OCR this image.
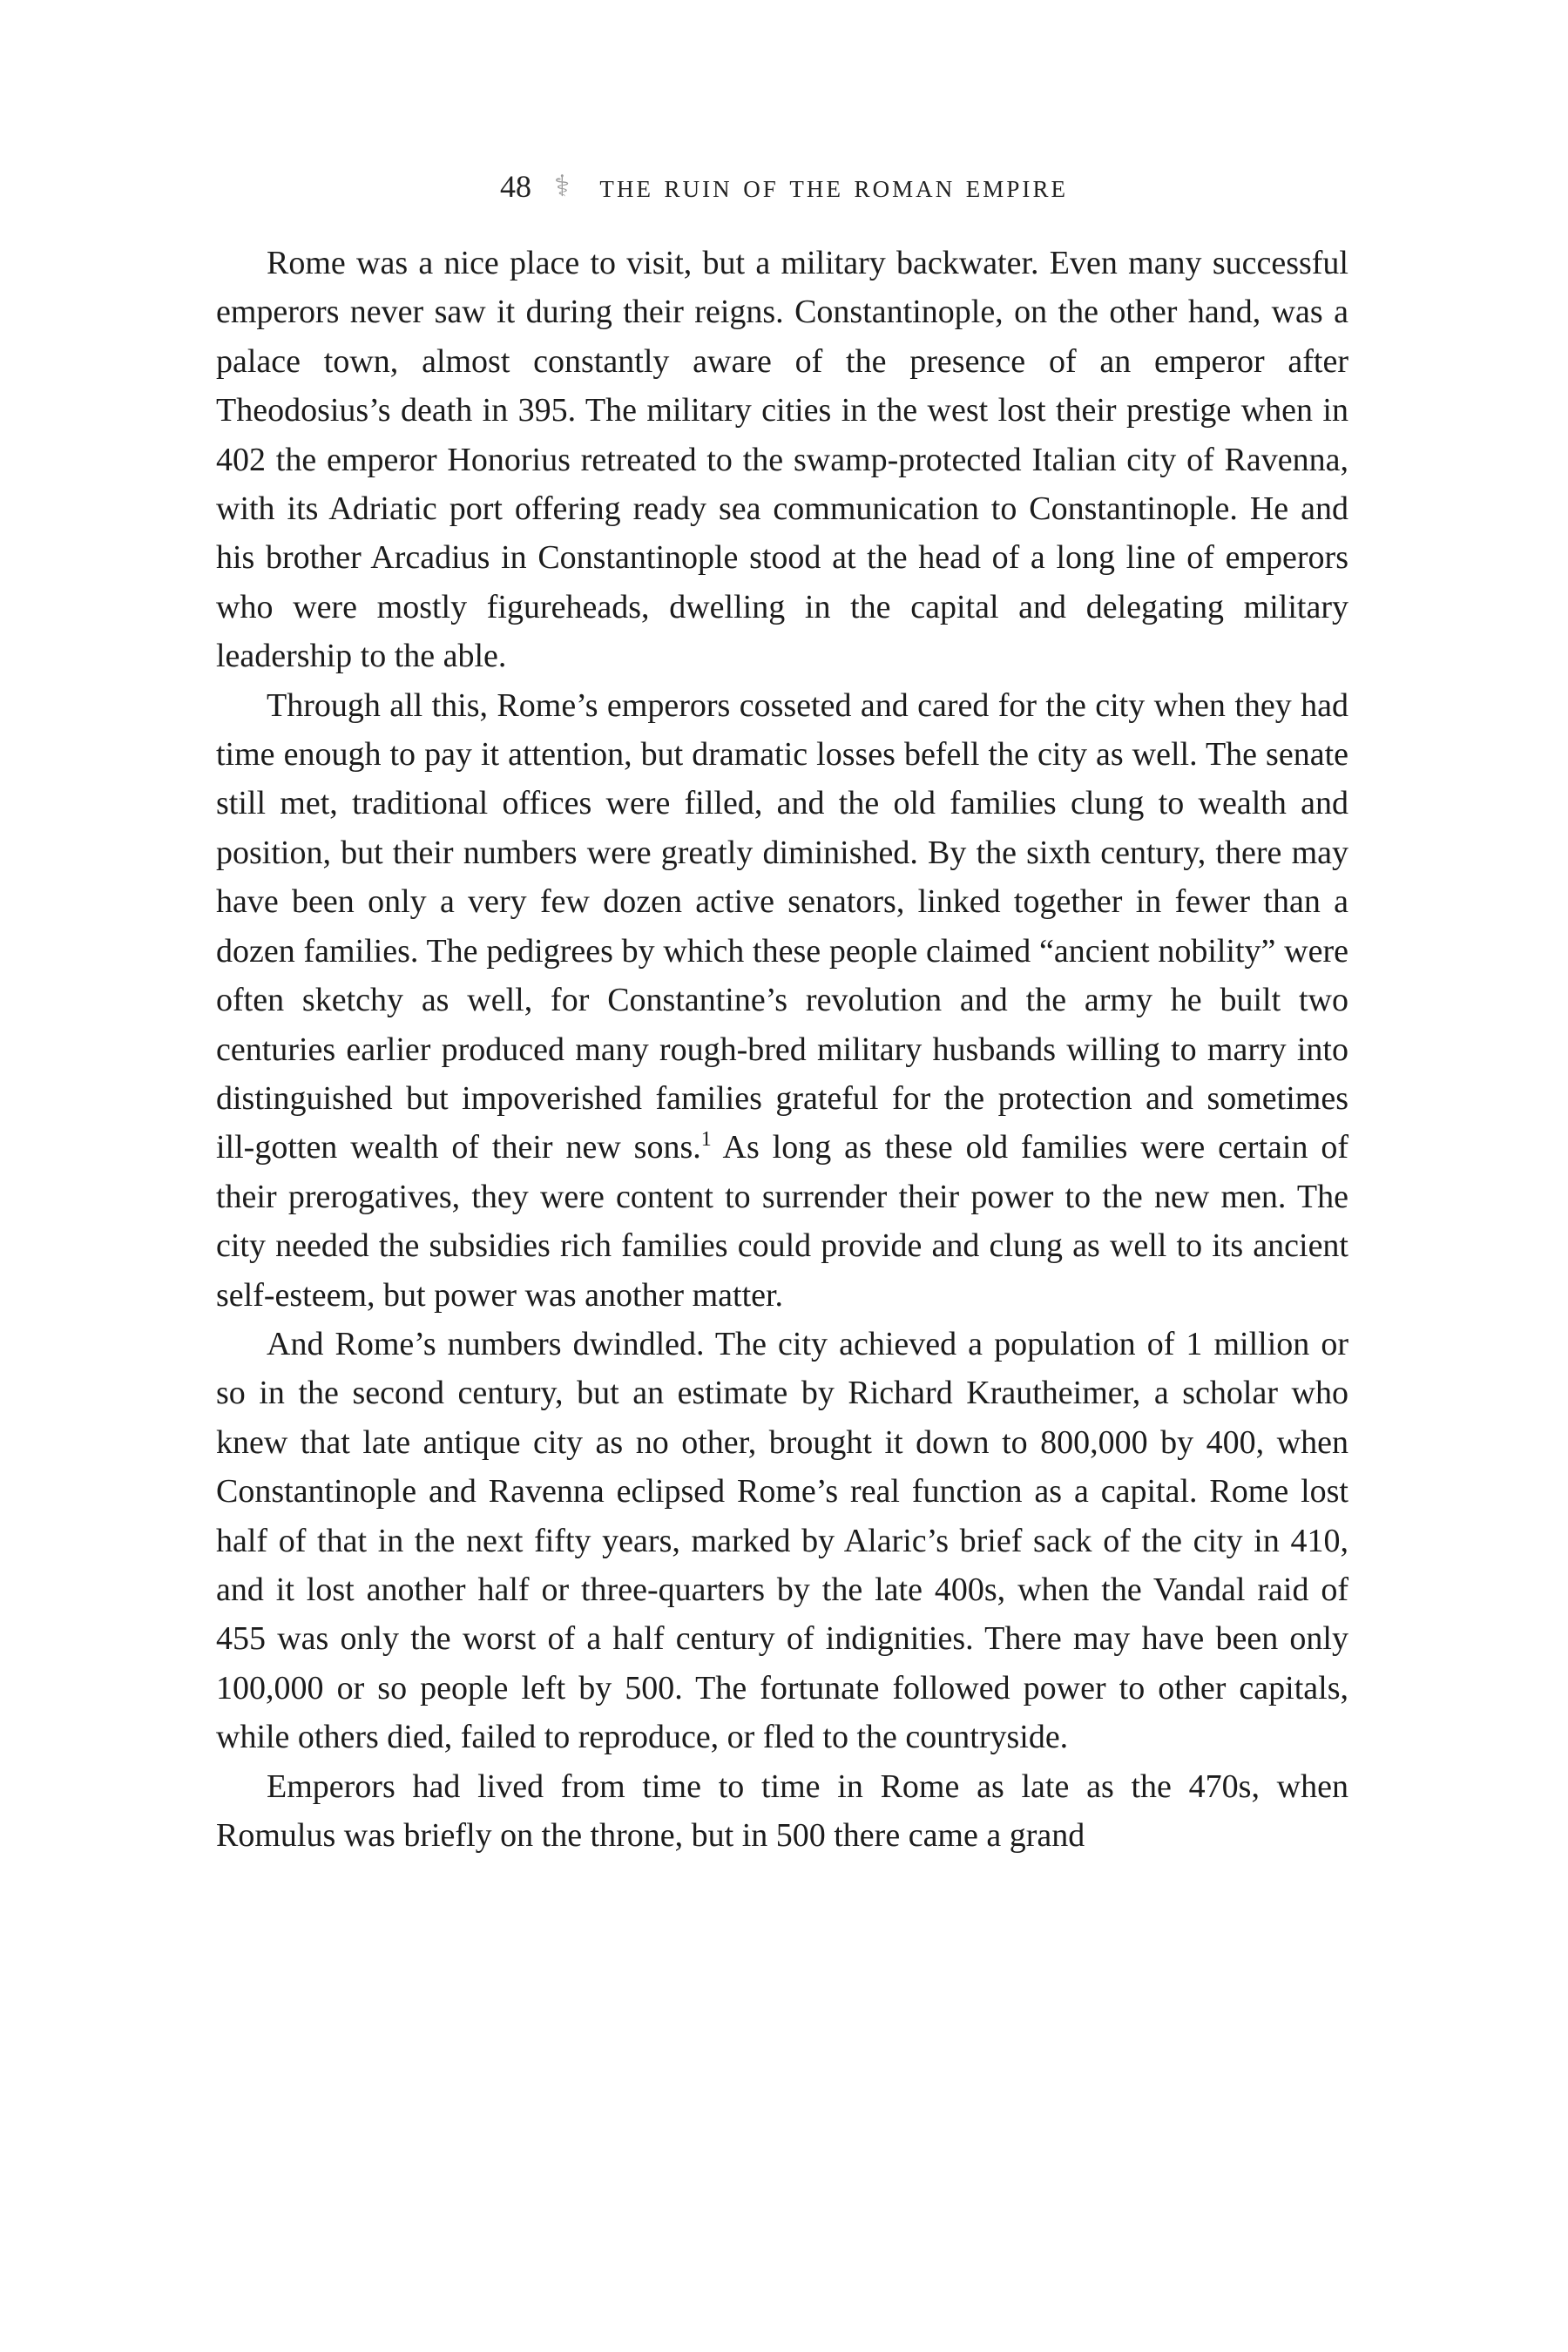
48 ⚕ the ruin of the roman empire

Rome was a nice place to visit, but a military backwater. Even many successful emperors never saw it during their reigns. Constantinople, on the other hand, was a palace town, almost constantly aware of the presence of an emperor after Theodosius’s death in 395. The military cities in the west lost their prestige when in 402 the emperor Honorius retreated to the swamp-protected Italian city of Ravenna, with its Adriatic port offering ready sea communication to Constantinople. He and his brother Arcadius in Constantinople stood at the head of a long line of emperors who were mostly figureheads, dwelling in the capital and delegating military leadership to the able.

Through all this, Rome’s emperors cosseted and cared for the city when they had time enough to pay it attention, but dramatic losses befell the city as well. The senate still met, traditional offices were filled, and the old families clung to wealth and position, but their numbers were greatly diminished. By the sixth century, there may have been only a very few dozen active senators, linked together in fewer than a dozen families. The pedigrees by which these people claimed “ancient nobility” were often sketchy as well, for Constantine’s revolution and the army he built two centuries earlier produced many rough-bred military husbands willing to marry into distinguished but impoverished families grateful for the protection and sometimes ill-gotten wealth of their new sons.$^1$ As long as these old families were certain of their prerogatives, they were content to surrender their power to the new men. The city needed the subsidies rich families could provide and clung as well to its ancient self-esteem, but power was another matter.

And Rome’s numbers dwindled. The city achieved a population of 1 million or so in the second century, but an estimate by Richard Krautheimer, a scholar who knew that late antique city as no other, brought it down to 800,000 by 400, when Constantinople and Ravenna eclipsed Rome’s real function as a capital. Rome lost half of that in the next fifty years, marked by Alaric’s brief sack of the city in 410, and it lost another half or three-quarters by the late 400s, when the Vandal raid of 455 was only the worst of a half century of indignities. There may have been only 100,000 or so people left by 500. The fortunate followed power to other capitals, while others died, failed to reproduce, or fled to the countryside.

Emperors had lived from time to time in Rome as late as the 470s, when Romulus was briefly on the throne, but in 500 there came a grand
